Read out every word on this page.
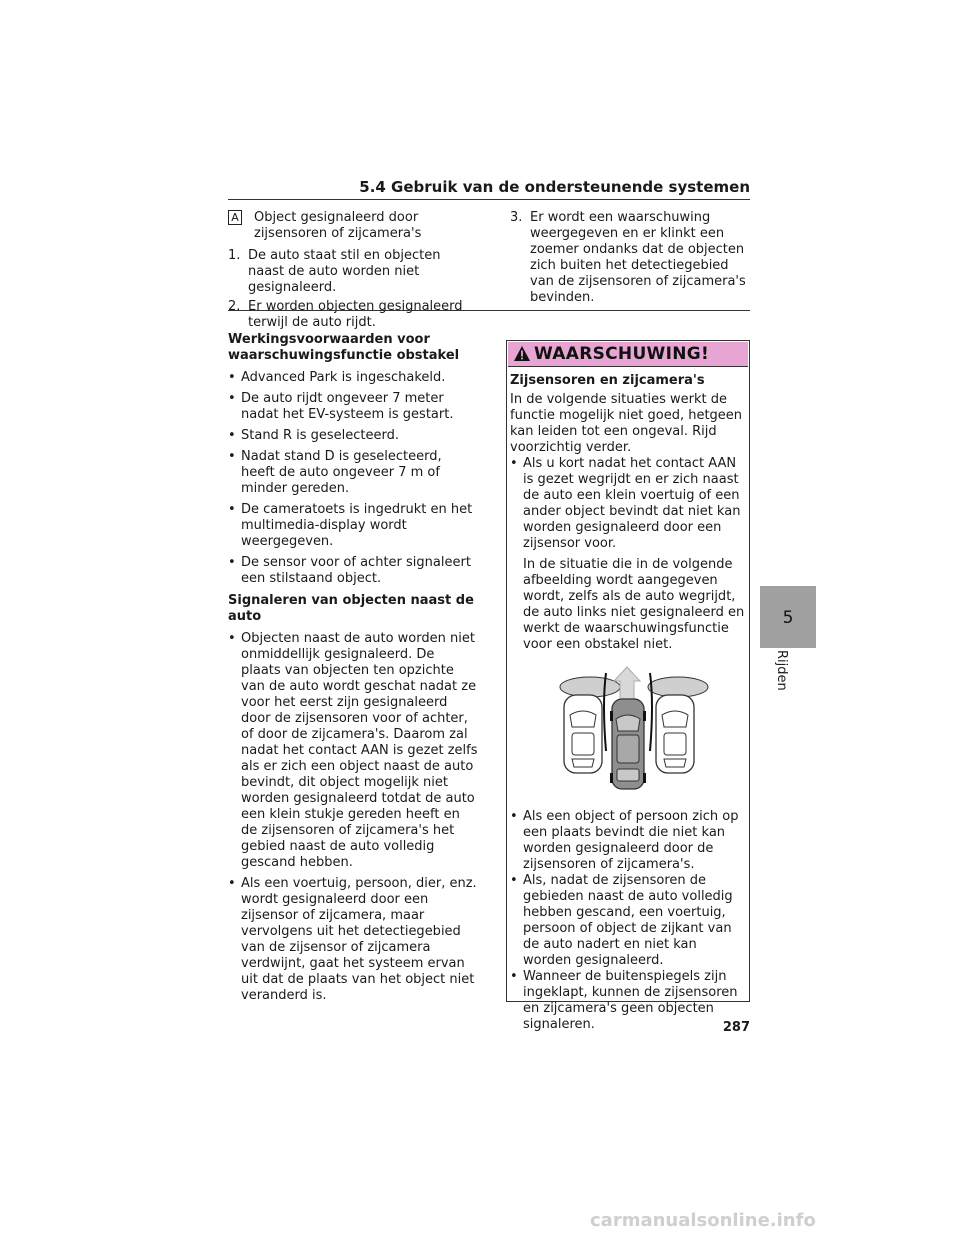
5.4 Gebruik van de ondersteunende systemen
A Object gesignaleerd door zijsensoren of zijcamera's
1. De auto staat stil en objecten naast de auto worden niet gesignaleerd.
2. Er worden objecten gesignaleerd terwijl de auto rijdt.
3. Er wordt een waarschuwing weergegeven en er klinkt een zoemer ondanks dat de objecten zich buiten het detectiegebied van de zijsensoren of zijcamera's bevinden.

Werkingsvoorwaarden voor waarschuwingsfunctie obstakel

• Advanced Park is ingeschakeld.
• De auto rijdt ongeveer 7 meter nadat het EV-systeem is gestart.
• Stand R is geselecteerd.
• Nadat stand D is geselecteerd, heeft de auto ongeveer 7 m of minder gereden.
• De cameratoets is ingedrukt en het multimedia-display wordt weergegeven.
• De sensor voor of achter signaleert een stilstaand object.

Signaleren van objecten naast de auto

• Objecten naast de auto worden niet onmiddellijk gesignaleerd. De plaats van objecten ten opzichte van de auto wordt geschat nadat ze voor het eerst zijn gesignaleerd door de zijsensoren voor of achter, of door de zijcamera's. Daarom zal nadat het contact AAN is gezet zelfs als er zich een object naast de auto bevindt, dit object mogelijk niet worden gesignaleerd totdat de auto een klein stukje gereden heeft en de zijsensoren of zijcamera's het gebied naast de auto volledig gescand hebben.
• Als een voertuig, persoon, dier, enz. wordt gesignaleerd door een zijsensor of zijcamera, maar vervolgens uit het detectiegebied van de zijsensor of zijcamera verdwijnt, gaat het systeem ervan uit dat de plaats van het object niet veranderd is.
WAARSCHUWING!

Zijsensoren en zijcamera's

In de volgende situaties werkt de functie mogelijk niet goed, hetgeen kan leiden tot een ongeval. Rijd voorzichtig verder.

• Als u kort nadat het contact AAN is gezet wegrijdt en er zich naast de auto een klein voertuig of een ander object bevindt dat niet kan worden gesignaleerd door een zijsensor voor.
In de situatie die in de volgende afbeelding wordt aangegeven wordt, zelfs als de auto wegrijdt, de auto links niet gesignaleerd en werkt de waarschuwingsfunctie voor een obstakel niet.
• Als een object of persoon zich op een plaats bevindt die niet kan worden gesignaleerd door de zijsensoren of zijcamera's.
• Als, nadat de zijsensoren de gebieden naast de auto volledig hebben gescand, een voertuig, persoon of object de zijkant van de auto nadert en niet kan worden gesignaleerd.
• Wanneer de buitenspiegels zijn ingeklapt, kunnen de zijsensoren en zijcamera's geen objecten signaleren.
5
Rijden
287
carmanualsonline.info
